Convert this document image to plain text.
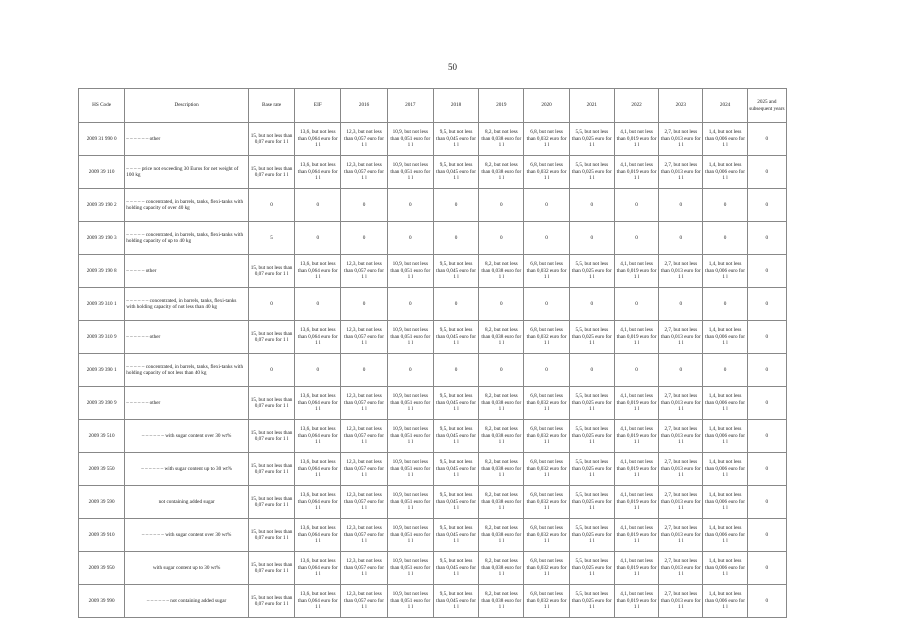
50
HS Code	Description	Base rate	EIF	2016	2017	2018	2019	2020	2021	2022	2023	2024	2025 and subsequent years
2009 31 990 0	– – – – – – other	15, but not less than 0,07 euro for 1 l	13,6, but not less than 0,064 euro for 1 l	12,3, but not less than 0,057 euro for 1 l	10,9, but not less than 0,051 euro for 1 l	9,5, but not less than 0,045 euro for 1 l	8,2, but not less than 0,038 euro for 1 l	6,8, but not less than 0,032 euro for 1 l	5,5, but not less than 0,025 euro for 1 l	4,1, but not less than 0,019 euro for 1 l	2,7, but not less than 0,013 euro for 1 l	1,4, but not less than 0,006 euro for 1 l	0
2009 39 110	– – – – price not exceeding 30 Euros for net weight of 100 kg	15, but not less than 0,07 euro for 1 l	13,6, but not less than 0,064 euro for 1 l	12,3, but not less than 0,057 euro for 1 l	10,9, but not less than 0,051 euro for 1 l	9,5, but not less than 0,045 euro for 1 l	8,2, but not less than 0,038 euro for 1 l	6,8, but not less than 0,032 euro for 1 l	5,5, but not less than 0,025 euro for 1 l	4,1, but not less than 0,019 euro for 1 l	2,7, but not less than 0,013 euro for 1 l	1,4, but not less than 0,006 euro for 1 l	0
2009 39 190 2	– – – – – concentrated, in barrels, tanks, flexi-tanks with holding capacity of over 40 kg	0	0	0	0	0	0	0	0	0	0	0	0
2009 39 190 3	– – – – – concentrated, in barrels, tanks, flexi-tanks with holding capacity of up to 40 kg	5	0	0	0	0	0	0	0	0	0	0	0
2009 39 190 8	– – – – – other	15, but not less than 0,07 euro for 1 l	13,6, but not less than 0,064 euro for 1 l	12,3, but not less than 0,057 euro for 1 l	10,9, but not less than 0,051 euro for 1 l	9,5, but not less than 0,045 euro for 1 l	8,2, but not less than 0,038 euro for 1 l	6,8, but not less than 0,032 euro for 1 l	5,5, but not less than 0,025 euro for 1 l	4,1, but not less than 0,019 euro for 1 l	2,7, but not less than 0,013 euro for 1 l	1,4, but not less than 0,006 euro for 1 l	0
2009 39 310 1	– – – – – – concentrated, in barrels, tanks, flexi-tanks with holding capacity of not less than 40 kg	0	0	0	0	0	0	0	0	0	0	0	0
2009 39 310 9	– – – – – – other	15, but not less than 0,07 euro for 1 l	13,6, but not less than 0,064 euro for 1 l	12,3, but not less than 0,057 euro for 1 l	10,9, but not less than 0,051 euro for 1 l	9,5, but not less than 0,045 euro for 1 l	8,2, but not less than 0,038 euro for 1 l	6,8, but not less than 0,032 euro for 1 l	5,5, but not less than 0,025 euro for 1 l	4,1, but not less than 0,019 euro for 1 l	2,7, but not less than 0,013 euro for 1 l	1,4, but not less than 0,006 euro for 1 l	0
2009 39 390 1	– – – – – concentrated, in barrels, tanks, flexi-tanks with holding capacity of not less than 40 kg	0	0	0	0	0	0	0	0	0	0	0	0
2009 39 390 9	– – – – – – other	15, but not less than 0,07 euro for 1 l	13,6, but not less than 0,064 euro for 1 l	12,3, but not less than 0,057 euro for 1 l	10,9, but not less than 0,051 euro for 1 l	9,5, but not less than 0,045 euro for 1 l	8,2, but not less than 0,038 euro for 1 l	6,8, but not less than 0,032 euro for 1 l	5,5, but not less than 0,025 euro for 1 l	4,1, but not less than 0,019 euro for 1 l	2,7, but not less than 0,013 euro for 1 l	1,4, but not less than 0,006 euro for 1 l	0
2009 39 510	– – – – – – with sugar content over 30 wt%	15, but not less than 0,07 euro for 1 l	13,6, but not less than 0,064 euro for 1 l	12,3, but not less than 0,057 euro for 1 l	10,9, but not less than 0,051 euro for 1 l	9,5, but not less than 0,045 euro for 1 l	8,2, but not less than 0,038 euro for 1 l	6,8, but not less than 0,032 euro for 1 l	5,5, but not less than 0,025 euro for 1 l	4,1, but not less than 0,019 euro for 1 l	2,7, but not less than 0,013 euro for 1 l	1,4, but not less than 0,006 euro for 1 l	0
2009 39 550	– – – – – – with sugar content up to 30 wt%	15, but not less than 0,07 euro for 1 l	13,6, but not less than 0,064 euro for 1 l	12,3, but not less than 0,057 euro for 1 l	10,9, but not less than 0,051 euro for 1 l	9,5, but not less than 0,045 euro for 1 l	8,2, but not less than 0,038 euro for 1 l	6,8, but not less than 0,032 euro for 1 l	5,5, but not less than 0,025 euro for 1 l	4,1, but not less than 0,019 euro for 1 l	2,7, but not less than 0,013 euro for 1 l	1,4, but not less than 0,006 euro for 1 l	0
2009 39 590	not containing added sugar	15, but not less than 0,07 euro for 1 l	13,6, but not less than 0,064 euro for 1 l	12,3, but not less than 0,057 euro for 1 l	10,9, but not less than 0,051 euro for 1 l	9,5, but not less than 0,045 euro for 1 l	8,2, but not less than 0,038 euro for 1 l	6,8, but not less than 0,032 euro for 1 l	5,5, but not less than 0,025 euro for 1 l	4,1, but not less than 0,019 euro for 1 l	2,7, but not less than 0,013 euro for 1 l	1,4, but not less than 0,006 euro for 1 l	0
2009 39 910	– – – – – – with sugar content over 30 wt%	15, but not less than 0,07 euro for 1 l	13,6, but not less than 0,064 euro for 1 l	12,3, but not less than 0,057 euro for 1 l	10,9, but not less than 0,051 euro for 1 l	9,5, but not less than 0,045 euro for 1 l	8,2, but not less than 0,038 euro for 1 l	6,8, but not less than 0,032 euro for 1 l	5,5, but not less than 0,025 euro for 1 l	4,1, but not less than 0,019 euro for 1 l	2,7, but not less than 0,013 euro for 1 l	1,4, but not less than 0,006 euro for 1 l	0
2009 39 950	with sugar content up to 30 wt%	15, but not less than 0,07 euro for 1 l	13,6, but not less than 0,064 euro for 1 l	12,3, but not less than 0,057 euro for 1 l	10,9, but not less than 0,051 euro for 1 l	9,5, but not less than 0,045 euro for 1 l	8,2, but not less than 0,038 euro for 1 l	6,8, but not less than 0,032 euro for 1 l	5,5, but not less than 0,025 euro for 1 l	4,1, but not less than 0,019 euro for 1 l	2,7, but not less than 0,013 euro for 1 l	1,4, but not less than 0,006 euro for 1 l	0
2009 39 990	– – – – – – not containing added sugar	15, but not less than 0,07 euro for 1 l	13,6, but not less than 0,064 euro for 1 l	12,3, but not less than 0,057 euro for 1 l	10,9, but not less than 0,051 euro for 1 l	9,5, but not less than 0,045 euro for 1 l	8,2, but not less than 0,038 euro for 1 l	6,8, but not less than 0,032 euro for 1 l	5,5, but not less than 0,025 euro for 1 l	4,1, but not less than 0,019 euro for 1 l	2,7, but not less than 0,013 euro for 1 l	1,4, but not less than 0,006 euro for 1 l	0
